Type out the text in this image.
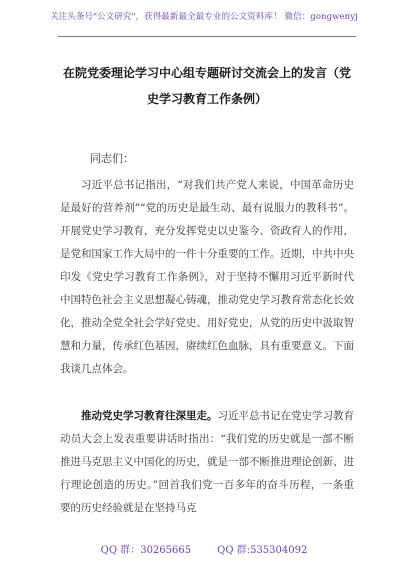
关注头条号"公文研究"，获得最新最全最专业的公文资料库！ 微信：gongwenyj
在院党委理论学习中心组专题研讨交流会上的发言（党史学习教育工作条例）
同志们：

习近平总书记指出，“对我们共产党人来说，中国革命历史是最好的营养剂”“党的历史是最生动、最有说服力的教科书”。开展党史学习教育，充分发挥党史以史鉴今、资政育人的作用，是党和国家工作大局中的一件十分重要的工作。近期，中共中央印发《党史学习教育工作条例》，对于坚持不懈用习近平新时代中国特色社会主义思想凝心铸魂，推动党史学习教育常态化长效化，推动全党全社会学好党史、用好党史，从党的历史中汲取智慧和力量，传承红色基因，赓续红色血脉，具有重要意义。下面我谈几点体会。

推动党史学习教育往深里走。习近平总书记在党史学习教育动员大会上发表重要讲话时指出：“我们党的历史就是一部不断推进马克思主义中国化的历史，就是一部不断推进理论创新、进行理论创造的历史。”回首我们党一百多年的奋斗历程，一条重要的历史经验就是在坚持马克

QQ 群：30265665	QQ 群:535304092
